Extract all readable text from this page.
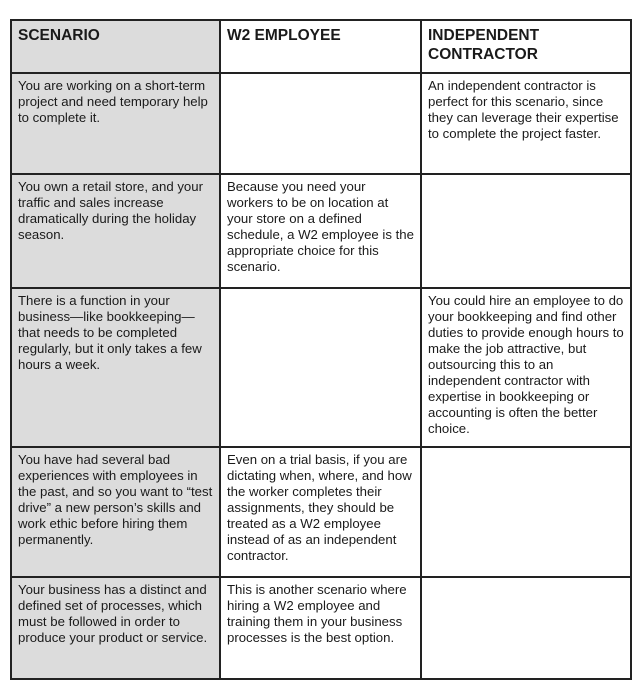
SCENARIO	W2 EMPLOYEE	INDEPENDENT CONTRACTOR
You are working on a short-term project and need temporary help to complete it.		An independent contractor is perfect for this scenario, since they can leverage their expertise to complete the project faster.
You own a retail store, and your traffic and sales increase dramatically during the holiday season.	Because you need your workers to be on location at your store on a defined schedule, a W2 employee is the appropriate choice for this scenario.	
There is a function in your business—like bookkeeping—that needs to be completed regularly, but it only takes a few hours a week.		You could hire an employee to do your bookkeeping and find other duties to provide enough hours to make the job attractive, but outsourcing this to an independent contractor with expertise in bookkeeping or accounting is often the better choice.
You have had several bad experiences with employees in the past, and so you want to “test drive” a new person’s skills and work ethic before hiring them permanently.	Even on a trial basis, if you are dictating when, where, and how the worker completes their assignments, they should be treated as a W2 employee instead of as an independent contractor.	
Your business has a distinct and defined set of processes, which must be followed in order to produce your product or service.	This is another scenario where hiring a W2 employee and training them in your business processes is the best option.	
